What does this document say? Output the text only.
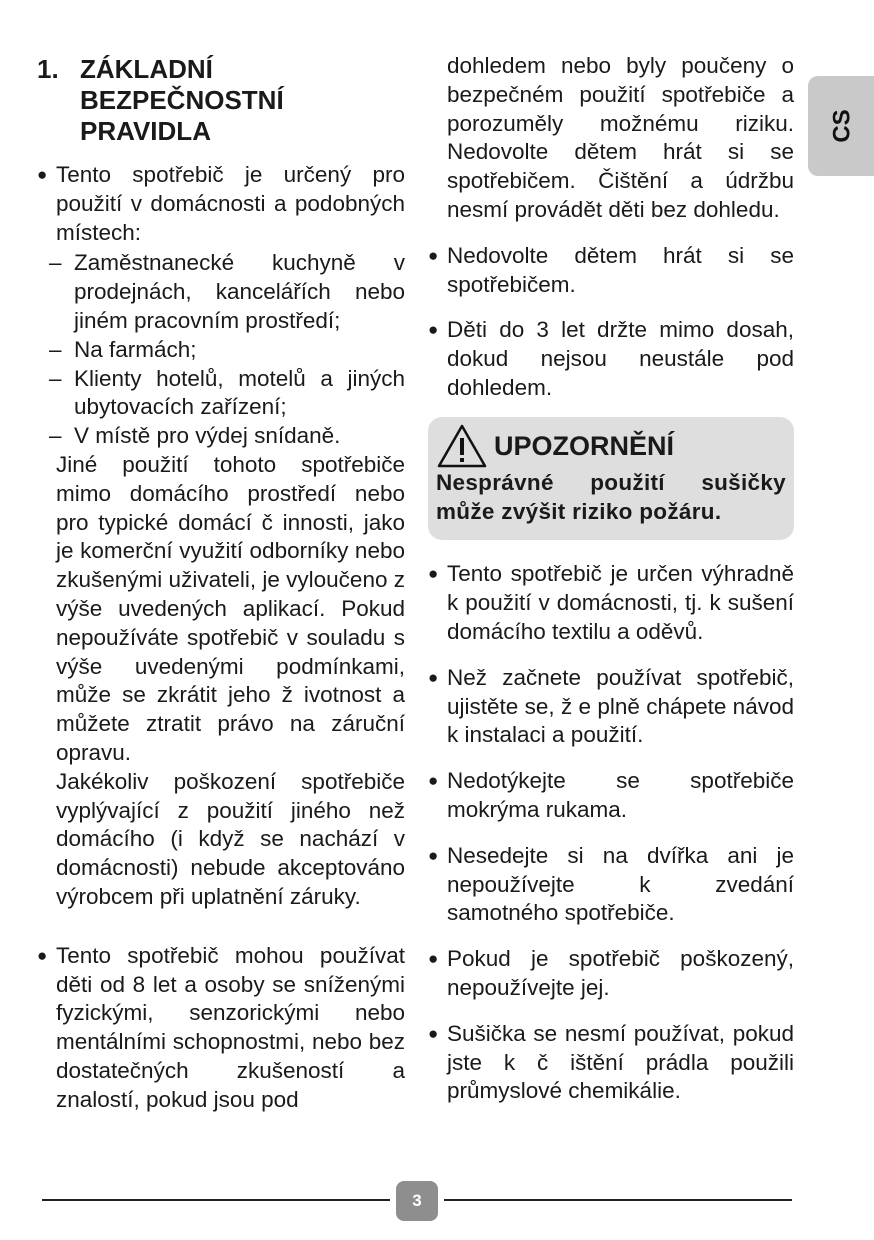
CS
1. ZÁKLADNÍ
BEZPEČNOSTNÍ
PRAVIDLA
● Tento spotřebič je určený pro použití v domácnosti a podobných místech:
– Zaměstnanecké kuchyně v prodejnách, kancelářích nebo jiném pracovním prostředí;
– Na farmách;
– Klienty hotelů, motelů a jiných ubytovacích zařízení;
– V místě pro výdej snídaně.
Jiné použití tohoto spotřebiče mimo domácího prostředí nebo pro typické domácí č innosti, jako je komerční využití odborníky nebo zkušenými uživateli, je vyloučeno z výše uvedených aplikací. Pokud nepoužíváte spotřebič v souladu s výše uvedenými podmínkami, může se zkrátit jeho ž ivotnost a můžete ztratit právo na záruční opravu.
Jakékoliv poškození spotřebiče vyplývající z použití jiného než domácího (i když se nachází v domácnosti) nebude akceptováno výrobcem při uplatnění záruky.
● Tento spotřebič mohou používat děti od 8 let a osoby se sníženými fyzickými, senzorickými nebo mentálními schopnostmi, nebo bez dostatečných zkušeností a znalostí, pokud jsou pod
dohledem nebo byly poučeny o bezpečném použití spotřebiče a porozuměly možnému riziku. Nedovolte dětem hrát si se spotřebičem. Čištění a údržbu nesmí provádět děti bez dohledu.
● Nedovolte dětem hrát si se spotřebičem.
● Děti do 3 let držte mimo dosah, dokud nejsou neustále pod dohledem.
UPOZORNĚNÍ
Nesprávné použití sušičky může zvýšit riziko požáru.
● Tento spotřebič je určen výhradně k použití v domácnosti, tj. k sušení domácího textilu a oděvů.
● Než začnete používat spotřebič, ujistěte se, ž e plně chápete návod k instalaci a použití.
● Nedotýkejte se spotřebiče mokrýma rukama.
● Nesedejte si na dvířka ani je nepoužívejte k zvedání samotného spotřebiče.
● Pokud je spotřebič poškozený, nepoužívejte jej.
● Sušička se nesmí používat, pokud jste k č ištění prádla použili průmyslové chemikálie.
3
